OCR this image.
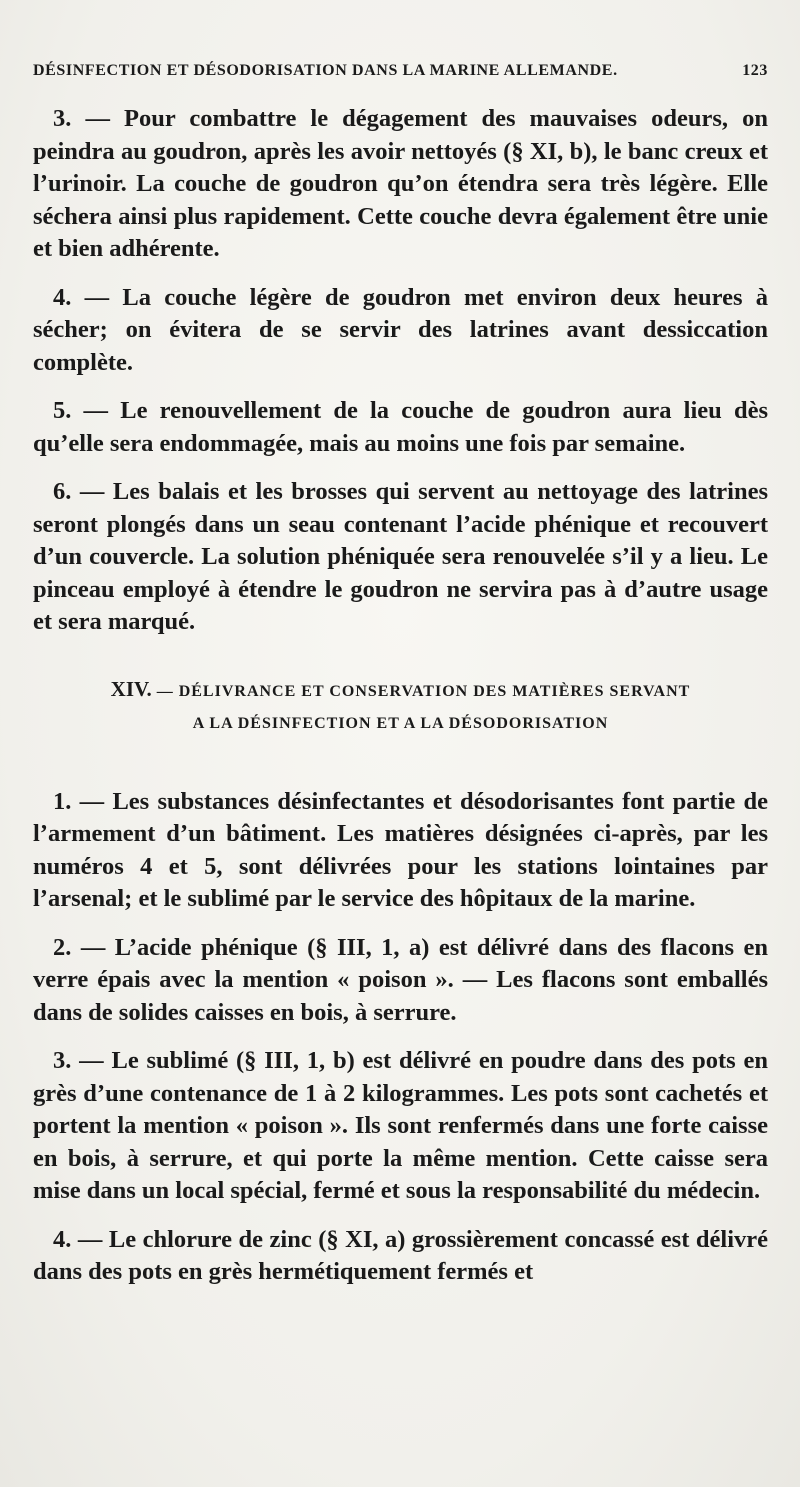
DÉSINFECTION ET DÉSODORISATION DANS LA MARINE ALLEMANDE.	123

3. — Pour combattre le dégagement des mauvaises odeurs, on peindra au goudron, après les avoir nettoyés (§ XI, b), le banc creux et l’urinoir. La couche de goudron qu’on étendra sera très légère. Elle séchera ainsi plus rapidement. Cette couche devra également être unie et bien adhérente.

4. — La couche légère de goudron met environ deux heures à sécher; on évitera de se servir des latrines avant dessiccation complète.

5. — Le renouvellement de la couche de goudron aura lieu dès qu’elle sera endommagée, mais au moins une fois par semaine.

6. — Les balais et les brosses qui servent au nettoyage des latrines seront plongés dans un seau contenant l’acide phénique et recouvert d’un couvercle. La solution phéniquée sera renouvelée s’il y a lieu. Le pinceau employé à étendre le goudron ne servira pas à d’autre usage et sera marqué.

XIV. — DÉLIVRANCE ET CONSERVATION DES MATIÈRES SERVANT
A LA DÉSINFECTION ET A LA DÉSODORISATION

1. — Les substances désinfectantes et désodorisantes font partie de l’armement d’un bâtiment. Les matières désignées ci-après, par les numéros 4 et 5, sont délivrées pour les stations lointaines par l’arsenal; et le sublimé par le service des hôpitaux de la marine.

2. — L’acide phénique (§ III, 1, a) est délivré dans des flacons en verre épais avec la mention « poison ». — Les flacons sont emballés dans de solides caisses en bois, à serrure.

3. — Le sublimé (§ III, 1, b) est délivré en poudre dans des pots en grès d’une contenance de 1 à 2 kilogrammes. Les pots sont cachetés et portent la mention « poison ». Ils sont renfermés dans une forte caisse en bois, à serrure, et qui porte la même mention. Cette caisse sera mise dans un local spécial, fermé et sous la responsabilité du médecin.

4. — Le chlorure de zinc (§ XI, a) grossièrement concassé est délivré dans des pots en grès hermétiquement fermés et
